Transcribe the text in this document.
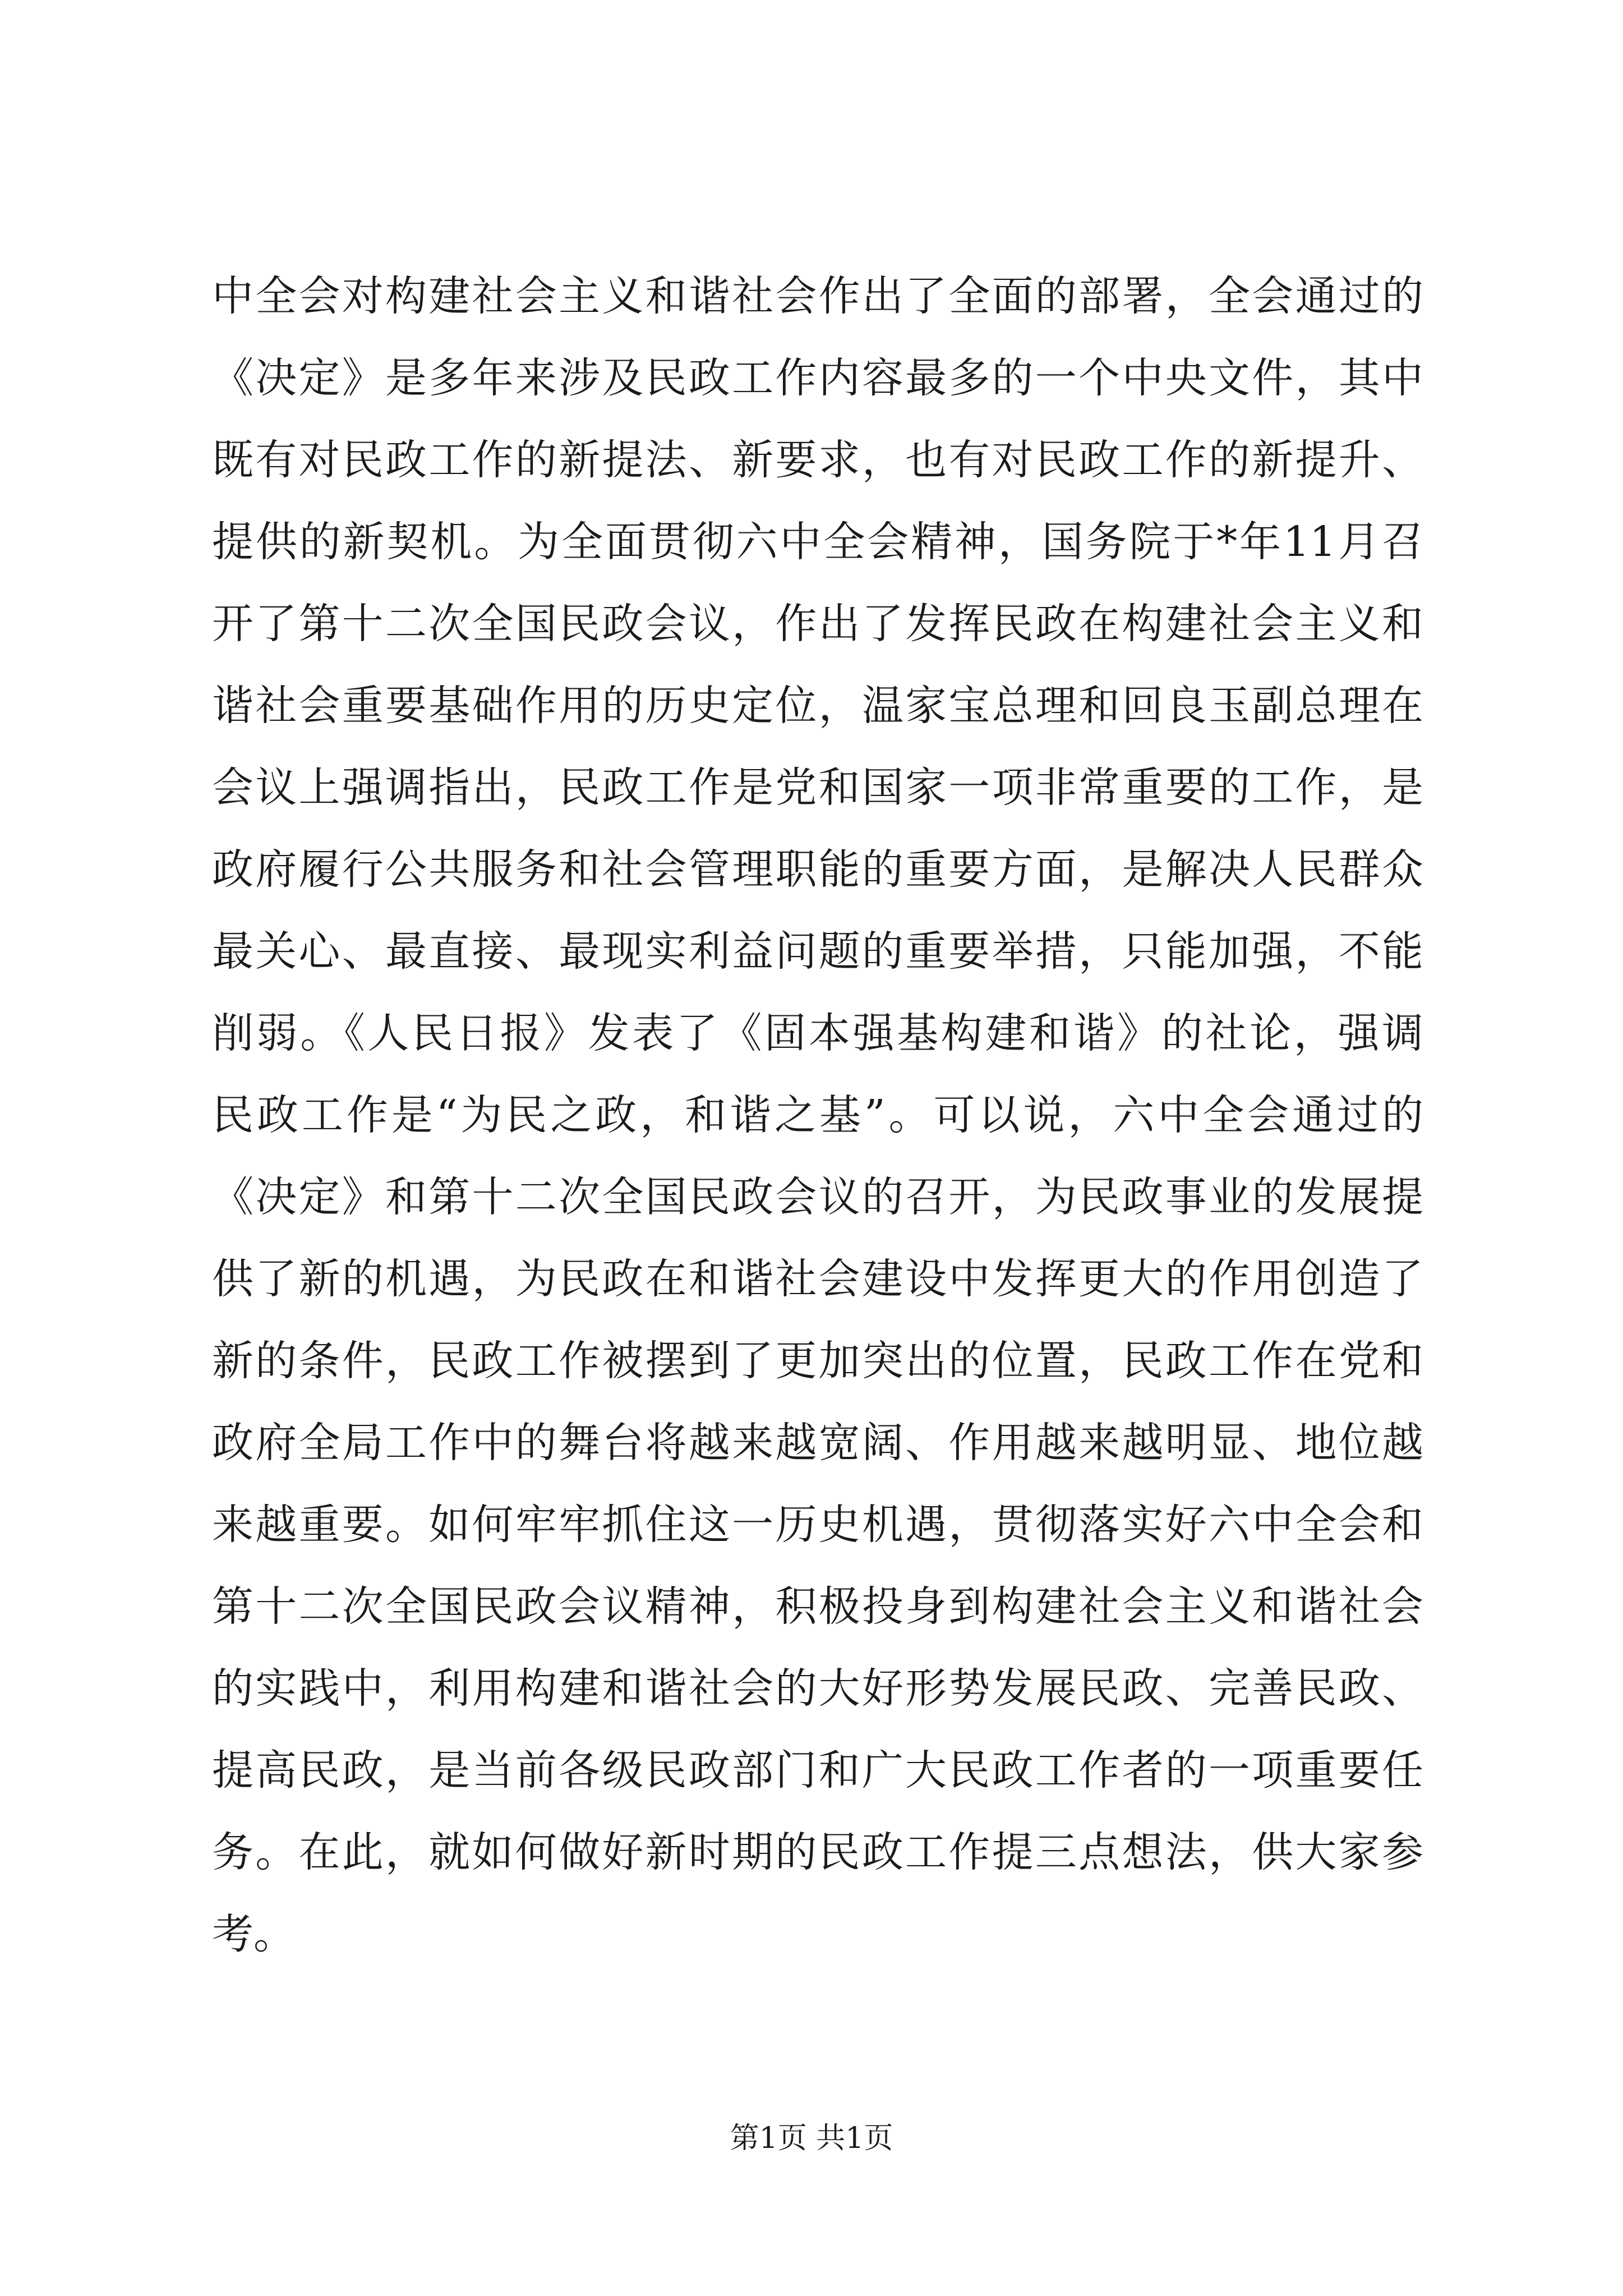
中全会对构建社会主义和谐社会作出了全面的部署，全会通过的
《决定》是多年来涉及民政工作内容最多的一个中央文件，其中
既有对民政工作的新提法、新要求，也有对民政工作的新提升、
提供的新契机。为全面贯彻六中全会精神，国务院于*年11月召
开了第十二次全国民政会议，作出了发挥民政在构建社会主义和
谐社会重要基础作用的历史定位，温家宝总理和回良玉副总理在
会议上强调指出，民政工作是党和国家一项非常重要的工作，是
政府履行公共服务和社会管理职能的重要方面，是解决人民群众
最关心、最直接、最现实利益问题的重要举措，只能加强，不能
削弱。《人民日报》发表了《固本强基构建和谐》的社论，强调
民政工作是“为民之政，和谐之基”。可以说，六中全会通过的
《决定》和第十二次全国民政会议的召开，为民政事业的发展提
供了新的机遇，为民政在和谐社会建设中发挥更大的作用创造了
新的条件，民政工作被摆到了更加突出的位置，民政工作在党和
政府全局工作中的舞台将越来越宽阔、作用越来越明显、地位越
来越重要。如何牢牢抓住这一历史机遇，贯彻落实好六中全会和
第十二次全国民政会议精神，积极投身到构建社会主义和谐社会
的实践中，利用构建和谐社会的大好形势发展民政、完善民政、
提高民政，是当前各级民政部门和广大民政工作者的一项重要任
务。在此，就如何做好新时期的民政工作提三点想法，供大家参
考。
第1页 共1页
